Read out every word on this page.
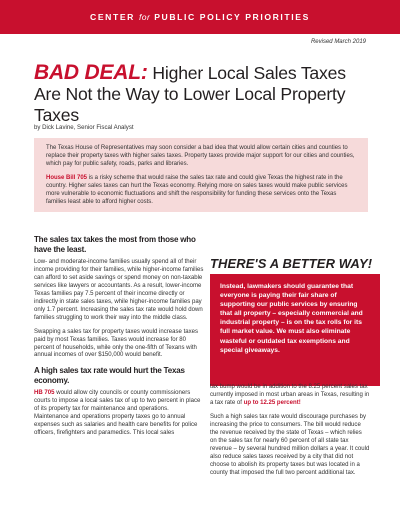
CENTER for PUBLIC POLICY PRIORITIES
Revised March 2019
BAD DEAL: Higher Local Sales Taxes Are Not the Way to Lower Local Property Taxes
by Dick Lavine, Senior Fiscal Analyst

The Texas House of Representatives may soon consider a bad idea that would allow certain cities and counties to replace their property taxes with higher sales taxes. Property taxes provide major support for our cities and counties, which pay for public safety, roads, parks and libraries.

House Bill 705 is a risky scheme that would raise the sales tax rate and could give Texas the highest rate in the country. Higher sales taxes can hurt the Texas economy. Relying more on sales taxes would make public services more vulnerable to economic fluctuations and shift the responsibility for funding these services onto the Texas families least able to afford higher costs.

The sales tax takes the most from those who have the least.

Low- and moderate-income families usually spend all of their income providing for their families, while higher-income families can afford to set aside savings or spend money on non-taxable services like lawyers or accountants. As a result, lower-income Texas families pay 7.5 percent of their income directly or indirectly in state sales taxes, while higher-income families pay only 1.7 percent. Increasing the sales tax rate would hold down families struggling to work their way into the middle class.

Swapping a sales tax for property taxes would increase taxes paid by most Texas families. Taxes would increase for 80 percent of households, while only the one-fifth of Texans with annual incomes of over $150,000 would benefit.

A high sales tax rate would hurt the Texas economy.

HB 705 would allow city councils or county commissioners courts to impose a local sales tax of up to two percent in place of its property tax for maintenance and operations. Maintenance and operations property taxes go to annual expenses such as salaries and health care benefits for police officers, firefighters and paramedics. This local sales

THERE'S A BETTER WAY!
Instead, lawmakers should guarantee that everyone is paying their fair share of supporting our public services by ensuring that all property – especially commercial and industrial property – is on the tax rolls for its full market value. We must also eliminate wasteful or outdated tax exemptions and special giveaways.

tax bump would be in addition to the 8.25 percent sales tax currently imposed in most urban areas in Texas, resulting in a tax rate of up to 12.25 percent!

Such a high sales tax rate would discourage purchases by increasing the price to consumers. The bill would reduce the revenue received by the state of Texas – which relies on the sales tax for nearly 60 percent of all state tax revenue – by several hundred million dollars a year. It could also reduce sales taxes received by a city that did not choose to abolish its property taxes but was located in a county that imposed the full two percent additional tax.
